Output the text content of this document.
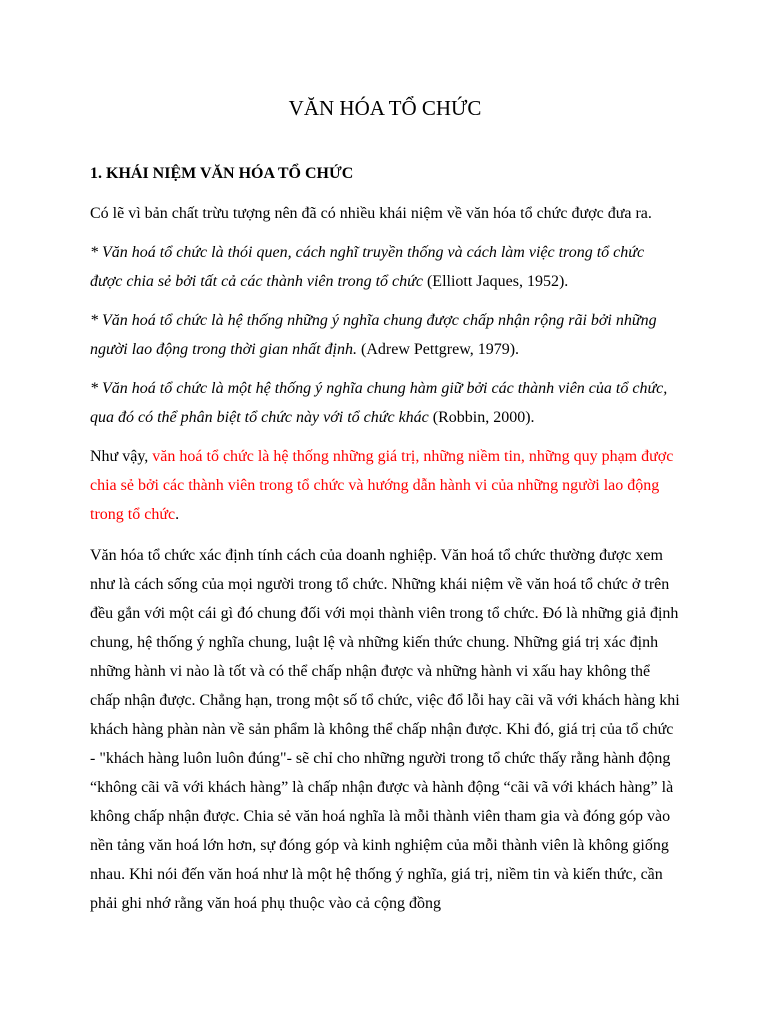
VĂN HÓA TỔ CHỨC
1. KHÁI NIỆM VĂN HÓA TỔ CHỨC

Có lẽ vì bản chất trừu tượng nên đã có nhiều khái niệm về văn hóa tổ chức được đưa ra.

* Văn hoá tổ chức là thói quen, cách nghĩ truyền thống và cách làm việc trong tổ chức được chia sẻ bởi tất cả các thành viên trong tổ chức (Elliott Jaques, 1952).

* Văn hoá tổ chức là hệ thống những ý nghĩa chung được chấp nhận rộng rãi bởi những người lao động trong thời gian nhất định. (Adrew Pettgrew, 1979).

* Văn hoá tổ chức là một hệ thống ý nghĩa chung hàm giữ bởi các thành viên của tổ chức, qua đó có thể phân biệt tổ chức này với tổ chức khác (Robbin, 2000).

Như vậy, văn hoá tổ chức là hệ thống những giá trị, những niềm tin, những quy phạm được chia sẻ bởi các thành viên trong tổ chức và hướng dẫn hành vi của những người lao động trong tổ chức.

Văn hóa tổ chức xác định tính cách của doanh nghiệp. Văn hoá tổ chức thường được xem như là cách sống của mọi người trong tổ chức. Những khái niệm về văn hoá tổ chức ở trên đều gắn với một cái gì đó chung đối với mọi thành viên trong tổ chức. Đó là những giả định chung, hệ thống ý nghĩa chung, luật lệ và những kiến thức chung. Những giá trị xác định những hành vi nào là tốt và có thể chấp nhận được và những hành vi xấu hay không thể chấp nhận được. Chẳng hạn, trong một số tổ chức, việc đổ lỗi hay cãi vã với khách hàng khi khách hàng phàn nàn về sản phẩm là không thể chấp nhận được. Khi đó, giá trị của tổ chức - "khách hàng luôn luôn đúng"- sẽ chỉ cho những người trong tổ chức thấy rằng hành động “không cãi vã với khách hàng” là chấp nhận được và hành động “cãi vã với khách hàng” là không chấp nhận được. Chia sẻ văn hoá nghĩa là mỗi thành viên tham gia và đóng góp vào nền tảng văn hoá lớn hơn, sự đóng góp và kinh nghiệm của mỗi thành viên là không giống nhau. Khi nói đến văn hoá như là một hệ thống ý nghĩa, giá trị, niềm tin và kiến thức, cần phải ghi nhớ rằng văn hoá phụ thuộc vào cả cộng đồng
